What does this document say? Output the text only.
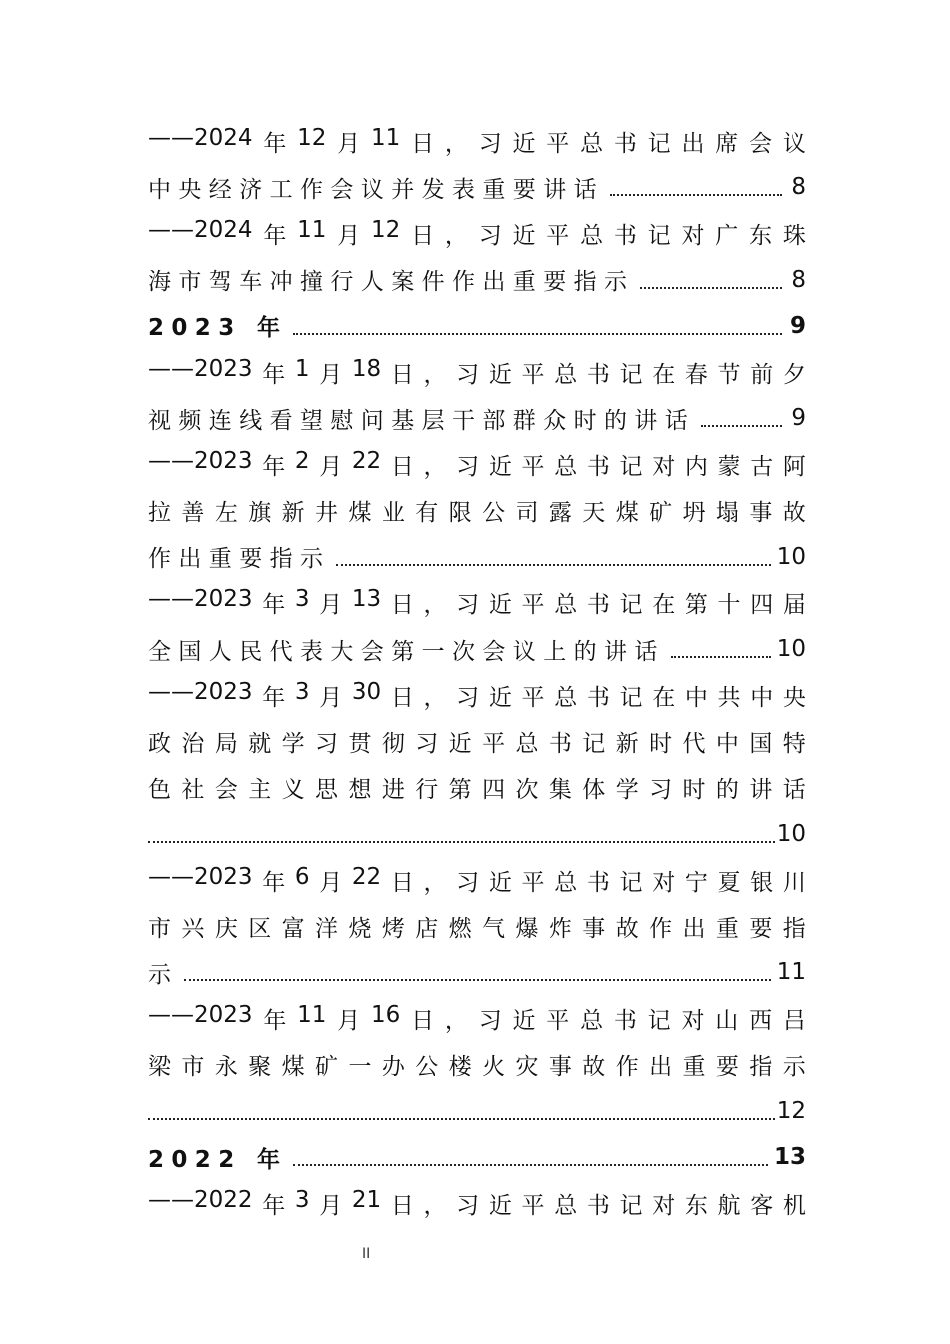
——2024 年 12 月 11 日 ， 习 近 平 总 书 记 出 席 会 议
中央经济工作会议并发表重要讲话	8
——2024 年 11 月 12 日 ， 习 近 平 总 书 记 对 广 东 珠
海市驾车冲撞行人案件作出重要指示	8
2023 年	9
——2023 年 1 月 18 日 ， 习 近 平 总 书 记 在 春 节 前 夕
视频连线看望慰问基层干部群众时的讲话	9
——2023 年 2 月 22 日 ， 习 近 平 总 书 记 对 内 蒙 古 阿
拉 善 左 旗 新 井 煤 业 有 限 公 司 露 天 煤 矿 坍 塌 事 故
作出重要指示	10
——2023 年 3 月 13 日 ， 习 近 平 总 书 记 在 第 十 四 届
全国人民代表大会第一次会议上的讲话	10
——2023 年 3 月 30 日 ， 习 近 平 总 书 记 在 中 共 中 央
政 治 局 就 学 习 贯 彻 习 近 平 总 书 记 新 时 代 中 国 特
色 社 会 主 义 思 想 进 行 第 四 次 集 体 学 习 时 的 讲 话
10
——2023 年 6 月 22 日 ， 习 近 平 总 书 记 对 宁 夏 银 川
市 兴 庆 区 富 洋 烧 烤 店 燃 气 爆 炸 事 故 作 出 重 要 指
示	11
——2023 年 11 月 16 日 ， 习 近 平 总 书 记 对 山 西 吕
梁 市 永 聚 煤 矿 一 办 公 楼 火 灾 事 故 作 出 重 要 指 示
12
2022 年	13
——2022 年 3 月 21 日 ， 习 近 平 总 书 记 对 东 航 客 机
II
